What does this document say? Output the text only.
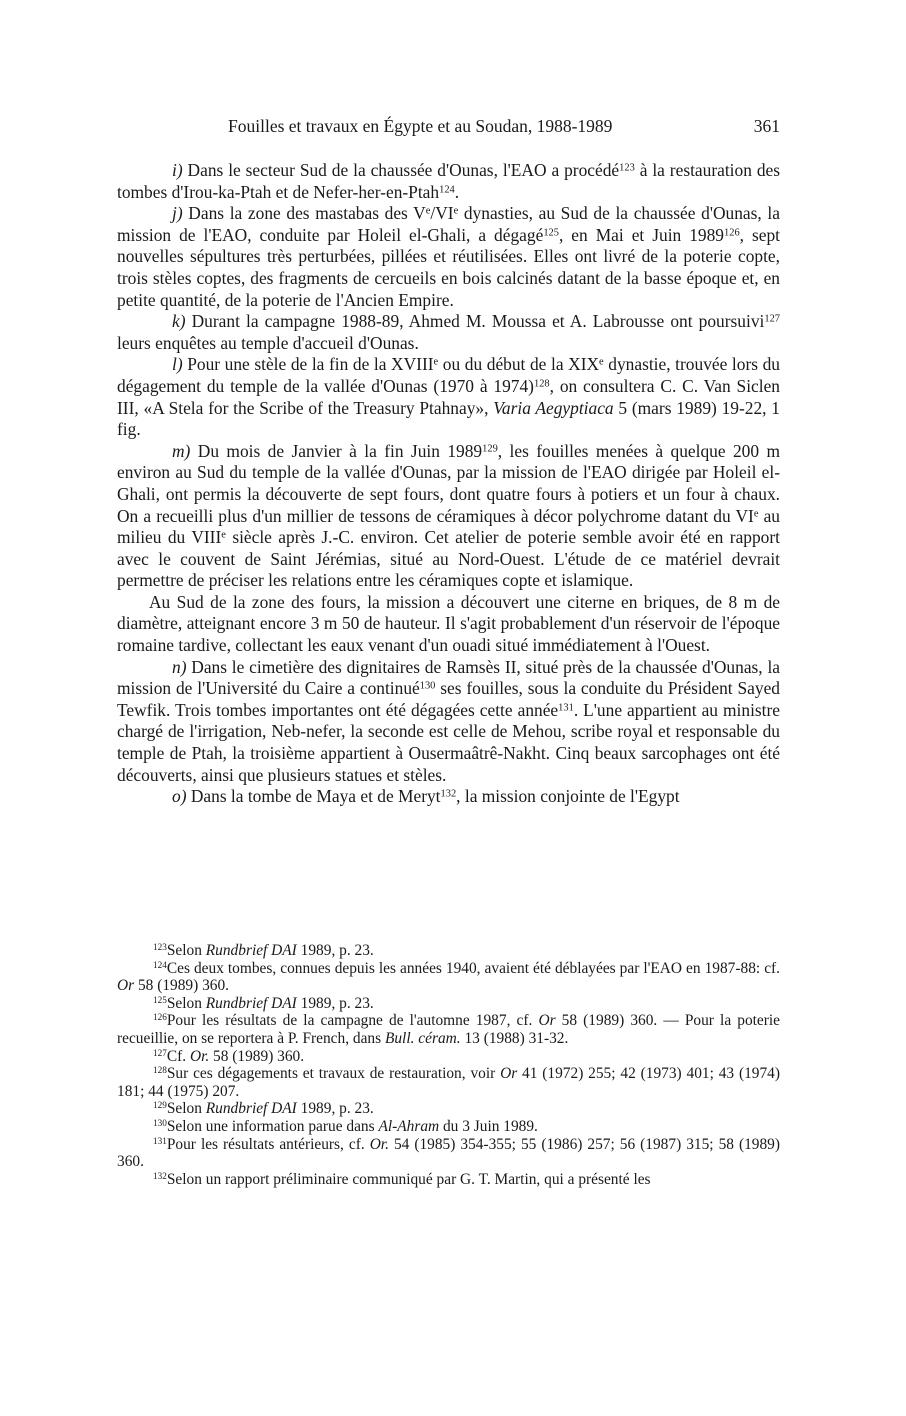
Fouilles et travaux en Égypte et au Soudan, 1988-1989	361

i) Dans le secteur Sud de la chaussée d'Ounas, l'EAO a procédé$^{123}$ à la restauration des tombes d'Irou-ka-Ptah et de Nefer-her-en-Ptah$^{124}$.

j) Dans la zone des mastabas des Ve/VIe dynasties, au Sud de la chaussée d'Ounas, la mission de l'EAO, conduite par Holeil el-Ghali, a dégagé$^{125}$, en Mai et Juin 1989$^{126}$, sept nouvelles sépultures très perturbées, pillées et réutilisées. Elles ont livré de la poterie copte, trois stèles coptes, des fragments de cercueils en bois calcinés datant de la basse époque et, en petite quantité, de la poterie de l'Ancien Empire.

k) Durant la campagne 1988-89, Ahmed M. Moussa et A. Labrousse ont poursuivi$^{127}$ leurs enquêtes au temple d'accueil d'Ounas.

l) Pour une stèle de la fin de la XVIIIe ou du début de la XIXe dynastie, trouvée lors du dégagement du temple de la vallée d'Ounas (1970 à 1974)$^{128}$, on consultera C. C. Van Siclen III, «A Stela for the Scribe of the Treasury Ptahnay», Varia Aegyptiaca 5 (mars 1989) 19-22, 1 fig.

m) Du mois de Janvier à la fin Juin 1989$^{129}$, les fouilles menées à quelque 200 m environ au Sud du temple de la vallée d'Ounas, par la mission de l'EAO dirigée par Holeil el-Ghali, ont permis la découverte de sept fours, dont quatre fours à potiers et un four à chaux. On a recueilli plus d'un millier de tessons de céramiques à décor polychrome datant du VIe au milieu du VIIIe siècle après J.-C. environ. Cet atelier de poterie semble avoir été en rapport avec le couvent de Saint Jérémias, situé au Nord-Ouest. L'étude de ce matériel devrait permettre de préciser les relations entre les céramiques copte et islamique.

Au Sud de la zone des fours, la mission a découvert une citerne en briques, de 8 m de diamètre, atteignant encore 3 m 50 de hauteur. Il s'agit probablement d'un réservoir de l'époque romaine tardive, collectant les eaux venant d'un ouadi situé immédiatement à l'Ouest.

n) Dans le cimetière des dignitaires de Ramsès II, situé près de la chaussée d'Ounas, la mission de l'Université du Caire a continué$^{130}$ ses fouilles, sous la conduite du Président Sayed Tewfik. Trois tombes importantes ont été dégagées cette année$^{131}$. L'une appartient au ministre chargé de l'irrigation, Neb-nefer, la seconde est celle de Mehou, scribe royal et responsable du temple de Ptah, la troisième appartient à Ousermaâtrê-Nakht. Cinq beaux sarcophages ont été découverts, ainsi que plusieurs statues et stèles.

o) Dans la tombe de Maya et de Meryt$^{132}$, la mission conjointe de l'Egypt

$^{123}$Selon Rundbrief DAI 1989, p. 23.

$^{124}$Ces deux tombes, connues depuis les années 1940, avaient été déblayées par l'EAO en 1987-88: cf. Or 58 (1989) 360.

$^{125}$Selon Rundbrief DAI 1989, p. 23.

$^{126}$Pour les résultats de la campagne de l'automne 1987, cf. Or 58 (1989) 360. — Pour la poterie recueillie, on se reportera à P. French, dans Bull. céram. 13 (1988) 31-32.

$^{127}$Cf. Or. 58 (1989) 360.

$^{128}$Sur ces dégagements et travaux de restauration, voir Or 41 (1972) 255; 42 (1973) 401; 43 (1974) 181; 44 (1975) 207.

$^{129}$Selon Rundbrief DAI 1989, p. 23.

$^{130}$Selon une information parue dans Al-Ahram du 3 Juin 1989.

$^{131}$Pour les résultats antérieurs, cf. Or. 54 (1985) 354-355; 55 (1986) 257; 56 (1987) 315; 58 (1989) 360.

$^{132}$Selon un rapport préliminaire communiqué par G. T. Martin, qui a présenté les
